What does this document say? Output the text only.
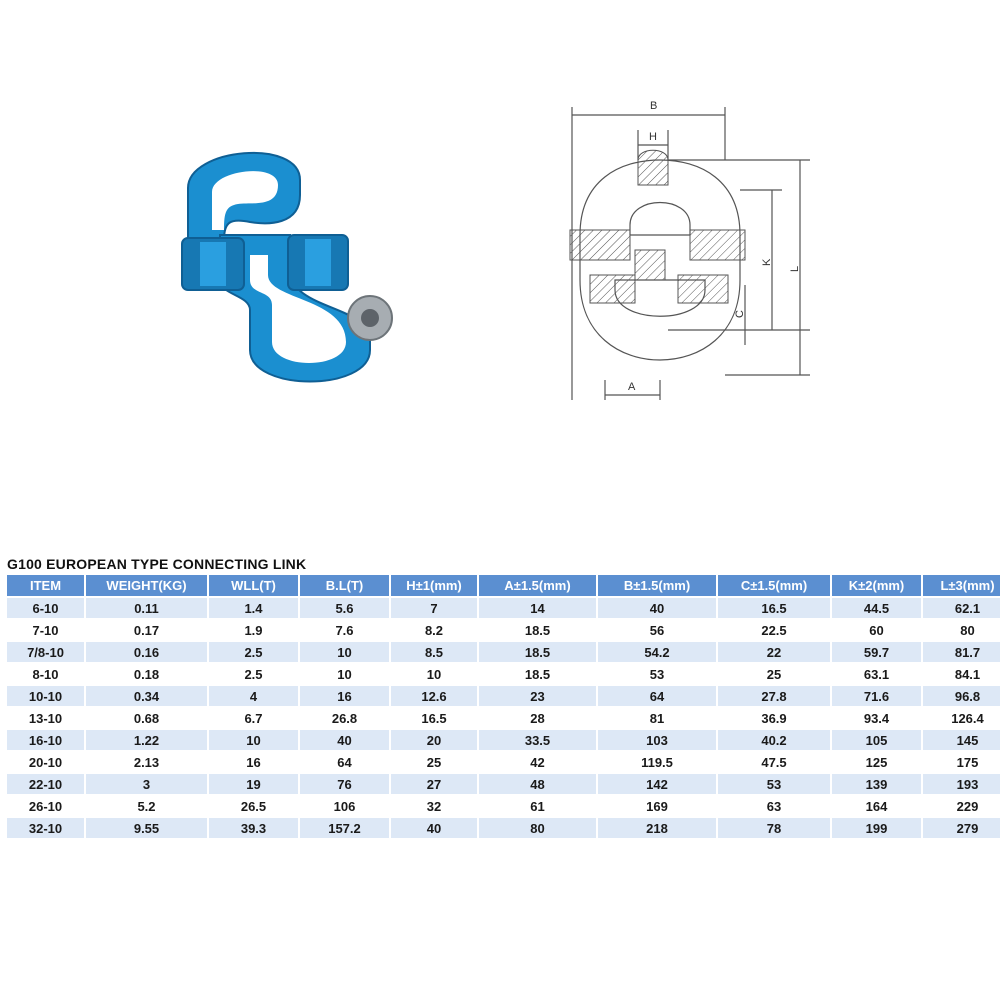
B
H
K
L
C
A
G100 EUROPEAN TYPE CONNECTING LINK
ITEM	WEIGHT(KG)	WLL(T)	B.L(T)	H±1(mm)	A±1.5(mm)	B±1.5(mm)	C±1.5(mm)	K±2(mm)	L±3(mm)
6-10	0.11	1.4	5.6	7	14	40	16.5	44.5	62.1
7-10	0.17	1.9	7.6	8.2	18.5	56	22.5	60	80
7/8-10	0.16	2.5	10	8.5	18.5	54.2	22	59.7	81.7
8-10	0.18	2.5	10	10	18.5	53	25	63.1	84.1
10-10	0.34	4	16	12.6	23	64	27.8	71.6	96.8
13-10	0.68	6.7	26.8	16.5	28	81	36.9	93.4	126.4
16-10	1.22	10	40	20	33.5	103	40.2	105	145
20-10	2.13	16	64	25	42	119.5	47.5	125	175
22-10	3	19	76	27	48	142	53	139	193
26-10	5.2	26.5	106	32	61	169	63	164	229
32-10	9.55	39.3	157.2	40	80	218	78	199	279
